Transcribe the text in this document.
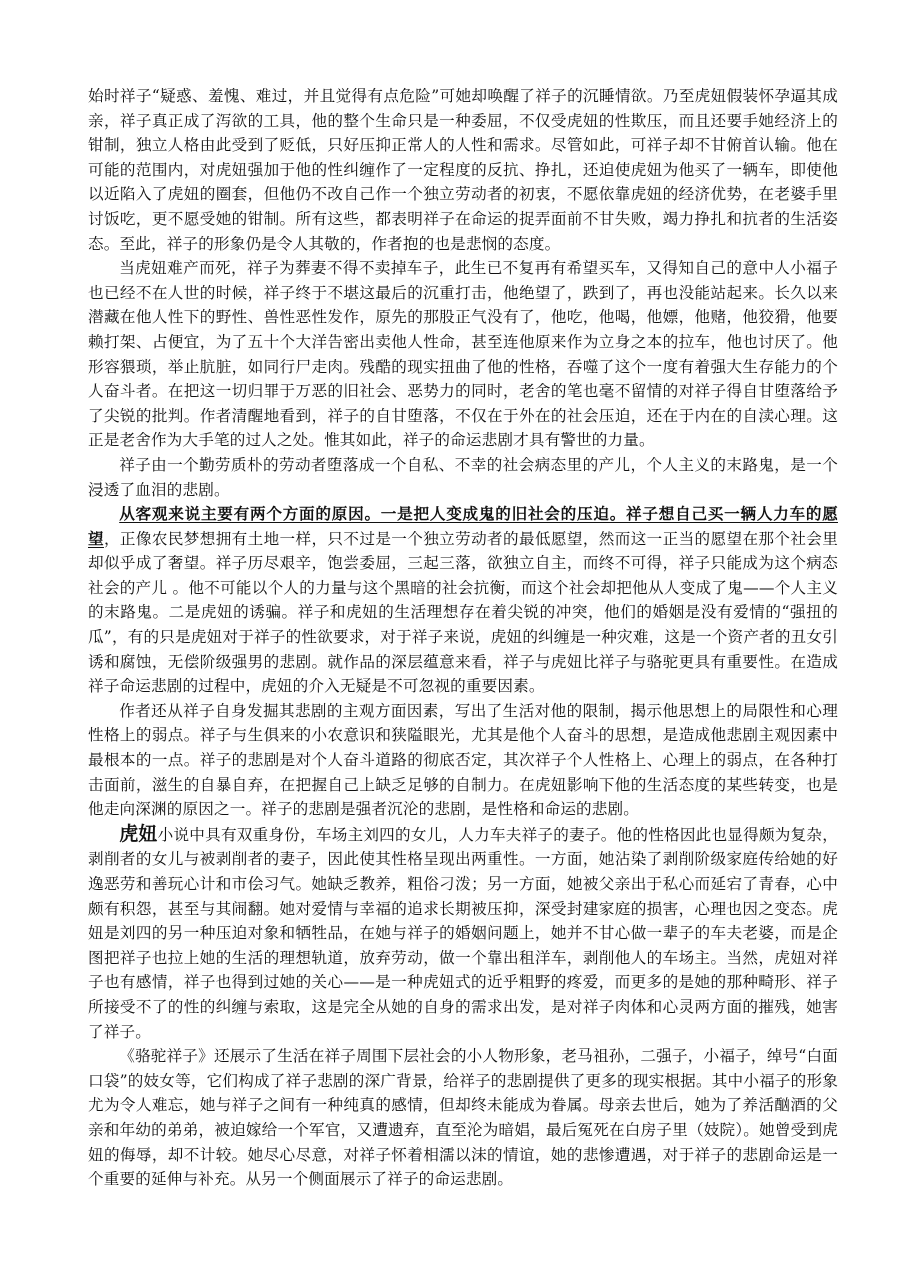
始时祥子“疑惑、羞愧、难过，并且觉得有点危险”可她却唤醒了祥子的沉睡情欲。乃至虎妞假装怀孕逼其成亲，祥子真正成了泻欲的工具，他的整个生命只是一种委屈，不仅受虎妞的性欺压，而且还要手她经济上的钳制，独立人格由此受到了贬低，只好压抑正常人的人性和需求。尽管如此，可祥子却不甘俯首认输。他在可能的范围内，对虎妞强加于他的性纠缠作了一定程度的反抗、挣扎，还迫使虎妞为他买了一辆车，即使他以近陷入了虎妞的圈套，但他仍不改自己作一个独立劳动者的初衷，不愿依靠虎妞的经济优势，在老婆手里讨饭吃，更不愿受她的钳制。所有这些，都表明祥子在命运的捉弄面前不甘失败，竭力挣扎和抗者的生活姿态。至此，祥子的形象仍是令人其敬的，作者抱的也是悲悯的态度。

当虎妞难产而死，祥子为葬妻不得不卖掉车子，此生已不复再有希望买车，又得知自己的意中人小福子也已经不在人世的时候，祥子终于不堪这最后的沉重打击，他绝望了，跌到了，再也没能站起来。长久以来潜藏在他人性下的野性、兽性恶性发作，原先的那股正气没有了，他吃，他喝，他嫖，他赌，他狡猾，他要赖打架、占便宜，为了五十个大洋告密出卖他人性命，甚至连他原来作为立身之本的拉车，他也讨厌了。他形容猥琐，举止肮脏，如同行尸走肉。残酷的现实扭曲了他的性格，吞噬了这个一度有着强大生存能力的个人奋斗者。在把这一切归罪于万恶的旧社会、恶势力的同时，老舍的笔也毫不留情的对祥子得自甘堕落给予了尖锐的批判。作者清醒地看到，祥子的自甘堕落，不仅在于外在的社会压迫，还在于内在的自渎心理。这正是老舍作为大手笔的过人之处。惟其如此，祥子的命运悲剧才具有警世的力量。

祥子由一个勤劳质朴的劳动者堕落成一个自私、不幸的社会病态里的产儿，个人主义的末路鬼，是一个浸透了血泪的悲剧。

从客观来说主要有两个方面的原因。一是把人变成鬼的旧社会的压迫。祥子想自己买一辆人力车的愿望，正像农民梦想拥有土地一样，只不过是一个独立劳动者的最低愿望，然而这一正当的愿望在那个社会里却似乎成了奢望。祥子历尽艰辛，饱尝委屈，三起三落，欲独立自主，而终不可得，祥子只能成为这个病态社会的产儿 。他不可能以个人的力量与这个黑暗的社会抗衡，而这个社会却把他从人变成了鬼——个人主义的末路鬼。二是虎妞的诱骗。祥子和虎妞的生活理想存在着尖锐的冲突，他们的婚姻是没有爱情的“强扭的瓜”，有的只是虎妞对于祥子的性欲要求，对于祥子来说，虎妞的纠缠是一种灾难，这是一个资产者的丑女引诱和腐蚀，无偿阶级强男的悲剧。就作品的深层蕴意来看，祥子与虎妞比祥子与骆驼更具有重要性。在造成祥子命运悲剧的过程中，虎妞的介入无疑是不可忽视的重要因素。

作者还从祥子自身发掘其悲剧的主观方面因素，写出了生活对他的限制，揭示他思想上的局限性和心理性格上的弱点。祥子与生俱来的小农意识和狭隘眼光，尤其是他个人奋斗的思想，是造成他悲剧主观因素中最根本的一点。祥子的悲剧是对个人奋斗道路的彻底否定，其次祥子个人性格上、心理上的弱点，在各种打击面前，滋生的自暴自弃，在把握自己上缺乏足够的自制力。在虎妞影响下他的生活态度的某些转变，也是他走向深渊的原因之一。祥子的悲剧是强者沉沦的悲剧，是性格和命运的悲剧。

虎妞小说中具有双重身份，车场主刘四的女儿，人力车夫祥子的妻子。他的性格因此也显得颇为复杂，剥削者的女儿与被剥削者的妻子，因此使其性格呈现出两重性。一方面，她沾染了剥削阶级家庭传给她的好逸恶劳和善玩心计和市侩习气。她缺乏教养，粗俗刁泼；另一方面，她被父亲出于私心而延宕了青春，心中颇有积怨，甚至与其闹翻。她对爱情与幸福的追求长期被压抑，深受封建家庭的损害，心理也因之变态。虎妞是刘四的另一种压迫对象和牺牲品，在她与祥子的婚姻问题上，她并不甘心做一辈子的车夫老婆，而是企图把祥子也拉上她的生活的理想轨道，放弃劳动，做一个靠出租洋车，剥削他人的车场主。当然，虎妞对祥子也有感情，祥子也得到过她的关心——是一种虎妞式的近乎粗野的疼爱，而更多的是她的那种畸形、祥子所接受不了的性的纠缠与索取，这是完全从她的自身的需求出发，是对祥子肉体和心灵两方面的摧残，她害了祥子。

《骆驼祥子》还展示了生活在祥子周围下层社会的小人物形象，老马祖孙，二强子，小福子，绰号“白面口袋”的妓女等，它们构成了祥子悲剧的深广背景，给祥子的悲剧提供了更多的现实根据。其中小福子的形象尤为令人难忘，她与祥子之间有一种纯真的感情，但却终未能成为眷属。母亲去世后，她为了养活酗酒的父亲和年幼的弟弟，被迫嫁给一个军官，又遭遗弃，直至沦为暗娼，最后冤死在白房子里（妓院）。她曾受到虎妞的侮辱，却不计较。她尽心尽意，对祥子怀着相濡以沫的情谊，她的悲惨遭遇，对于祥子的悲剧命运是一个重要的延伸与补充。从另一个侧面展示了祥子的命运悲剧。
